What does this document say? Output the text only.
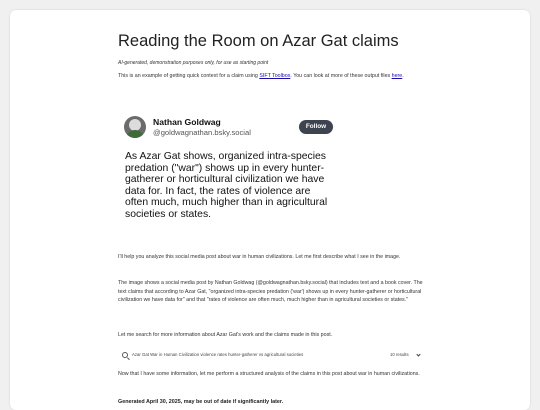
Reading the Room on Azar Gat claims

AI-generated, demonstration purposes only, for use as starting point

This is an example of getting quick context for a claim using SIFT Toolbox. You can look at more of these output files here.

Nathan Goldwag
@goldwagnathan.bsky.social
Follow
As Azar Gat shows, organized intra-species predation ("war") shows up in every hunter-gatherer or horticultural civilization we have data for. In fact, the rates of violence are often much, much higher than in agricultural societies or states.

I'll help you analyze this social media post about war in human civilizations. Let me first describe what I see in the image.

The image shows a social media post by Nathan Goldwag (@goldwagnathan.bsky.social) that includes text and a book cover. The text claims that according to Azar Gat, "organized intra-species predation ('war') shows up in every hunter-gatherer or horticultural civilization we have data for" and that "rates of violence are often much, much higher than in agricultural societies or states."

Let me search for more information about Azar Gat's work and the claims made in this post.

Azar Gat War in Human Civilization violence rates hunter-gatherer vs agricultural societies	10 results

Now that I have some information, let me perform a structured analysis of the claims in this post about war in human civilizations.

Generated April 30, 2025, may be out of date if significantly later.
